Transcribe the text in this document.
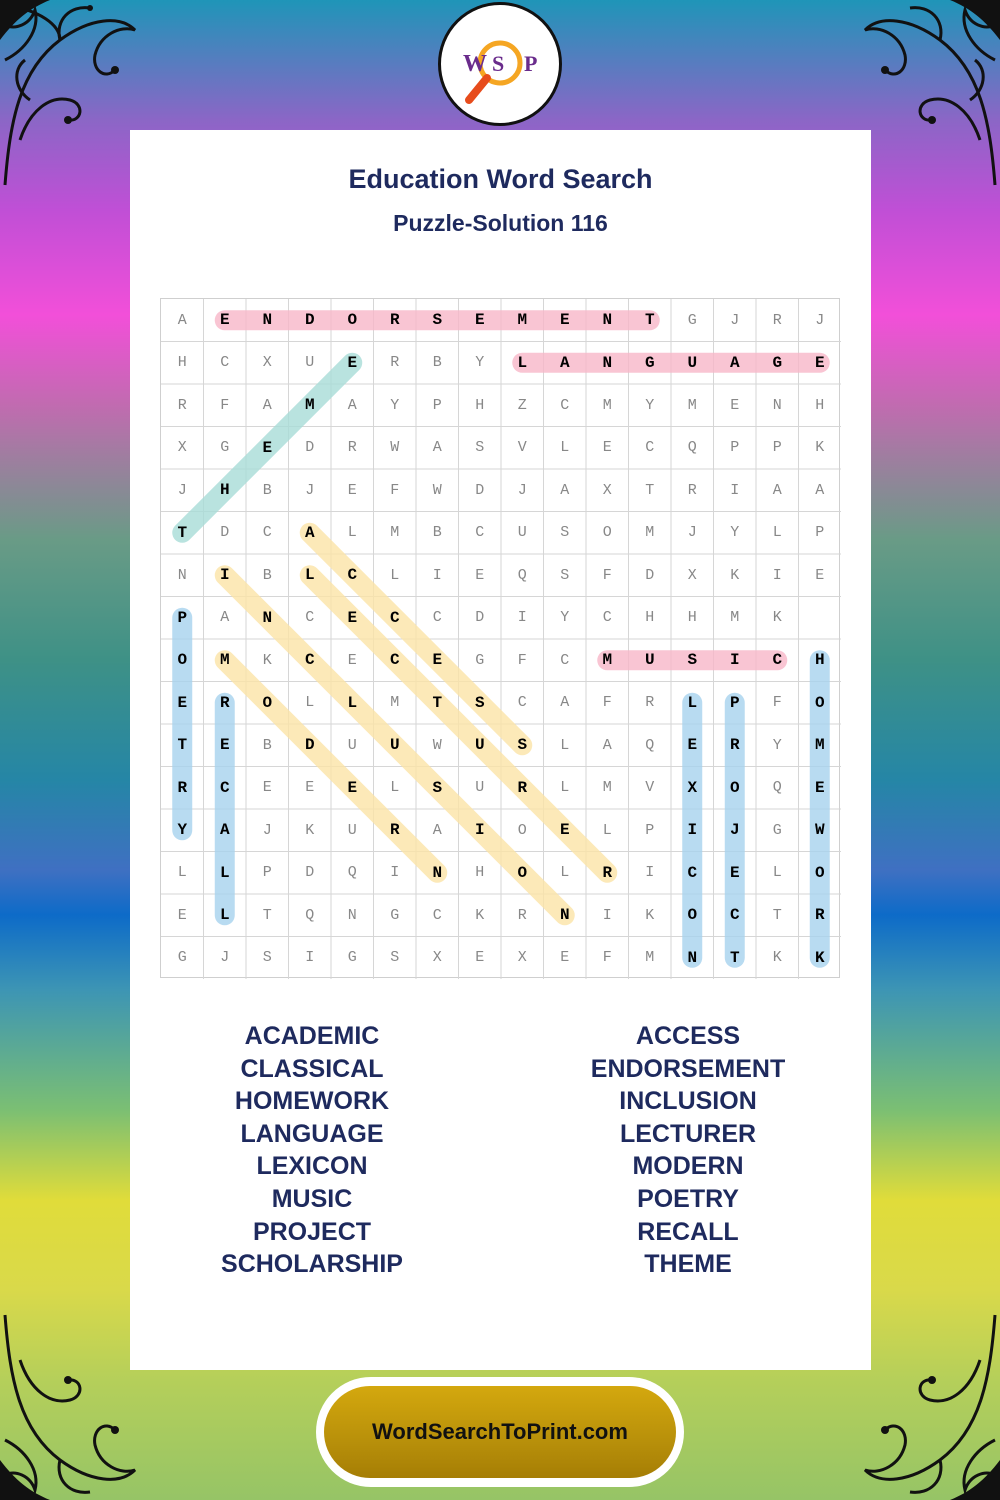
W S P
Education Word Search
Puzzle-Solution 116
A	E	N	D	O	R	S	E	M	E	N	T	G	J	R	J
H	C	X	U	E	R	B	Y	L	A	N	G	U	A	G	E
R	F	A	M	A	Y	P	H	Z	C	M	Y	M	E	N	H
X	G	E	D	R	W	A	S	V	L	E	C	Q	P	P	K
J	H	B	J	E	F	W	D	J	A	X	T	R	I	A	A
T	D	C	A	L	M	B	C	U	S	O	M	J	Y	L	P
N	I	B	L	C	L	I	E	Q	S	F	D	X	K	I	E
P	A	N	C	E	C	C	D	I	Y	C	H	H	M	K
O	M	K	C	E	C	E	G	F	C	M	U	S	I	C	H
E	R	O	L	L	M	T	S	C	A	F	R	L	P	F	O
T	E	B	D	U	U	W	U	S	L	A	Q	E	R	Y	M
R	C	E	E	E	L	S	U	R	L	M	V	X	O	Q	E
Y	A	J	K	U	R	A	I	O	E	L	P	I	J	G	W
L	L	P	D	Q	I	N	H	O	L	R	I	C	E	L	O
E	L	T	Q	N	G	C	K	R	N	I	K	O	C	T	R
G	J	S	I	G	S	X	E	X	E	F	M	N	T	K	K
ACADEMIC
CLASSICAL
HOMEWORK
LANGUAGE
LEXICON
MUSIC
PROJECT
SCHOLARSHIP
ACCESS
ENDORSEMENT
INCLUSION
LECTURER
MODERN
POETRY
RECALL
THEME
WordSearchToPrint.com
